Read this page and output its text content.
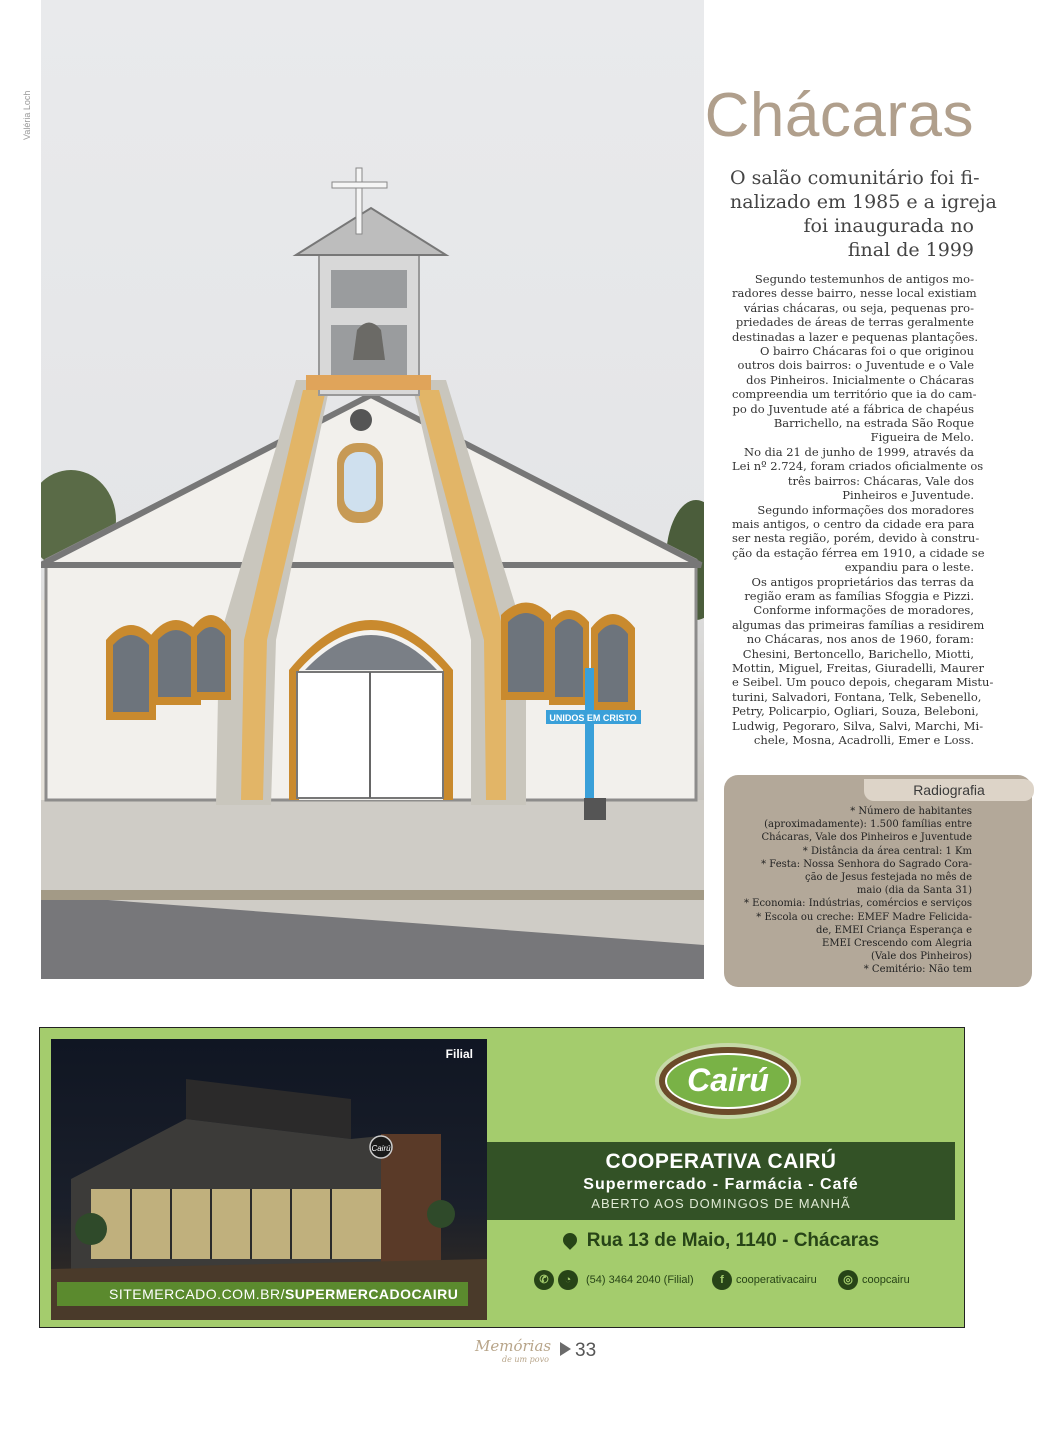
Valéria Loch
UNIDOS EM CRISTO
Chácaras
O salão comunitário foi fi-
nalizado em 1985 e a igreja
foi inaugurada no
final de 1999
Segundo testemunhos de antigos mo-
radores desse bairro, nesse local existiam
várias chácaras, ou seja, pequenas pro-
priedades de áreas de terras geralmente
destinadas a lazer e pequenas plantações.
O bairro Chácaras foi o que originou
outros dois bairros: o Juventude e o Vale
dos Pinheiros. Inicialmente o Chácaras
compreendia um território que ia do cam-
po do Juventude até a fábrica de chapéus
Barrichello, na estrada São Roque
Figueira de Melo.
No dia 21 de junho de 1999, através da
Lei nº 2.724, foram criados oficialmente os
três bairros: Chácaras, Vale dos
Pinheiros e Juventude.
Segundo informações dos moradores
mais antigos, o centro da cidade era para
ser nesta região, porém, devido à constru-
ção da estação férrea em 1910, a cidade se
expandiu para o leste.
Os antigos proprietários das terras da
região eram as famílias Sfoggia e Pizzi.
Conforme informações de moradores,
algumas das primeiras famílias a residirem
no Chácaras, nos anos de 1960, foram:
Chesini, Bertoncello, Barichello, Miotti,
Mottin, Miguel, Freitas, Giuradelli, Maurer
e Seibel. Um pouco depois, chegaram Mistu-
turini, Salvadori, Fontana, Telk, Sebenello,
Petry, Policarpio, Ogliari, Souza, Beleboni,
Ludwig, Pegoraro, Silva, Salvi, Marchi, Mi-
chele, Mosna, Acadrolli, Emer e Loss.
Radiografia
* Número de habitantes
(aproximadamente): 1.500 famílias entre
Chácaras, Vale dos Pinheiros e Juventude
* Distância da área central: 1 Km
* Festa: Nossa Senhora do Sagrado Cora-
ção de Jesus festejada no mês de
maio (dia da Santa 31)
* Economia: Indústrias, comércios e serviços
* Escola ou creche: EMEF Madre Felicida-
de, EMEI Criança Esperança e
EMEI Crescendo com Alegria
(Vale dos Pinheiros)
* Cemitério: Não tem
Cairú
Filial
SITEMERCADO.COM.BR/SUPERMERCADOCAIRU
Cairú
COOPERATIVA CAIRÚ
Supermercado - Farmácia - Café
ABERTO AOS DOMINGOS DE MANHÃ
Rua 13 de Maio, 1140 - Chácaras
✆	◔	(54) 3464 2040 (Filial)	f	cooperativacairu	◎ coopcairu
Memórias
de um povo 33
